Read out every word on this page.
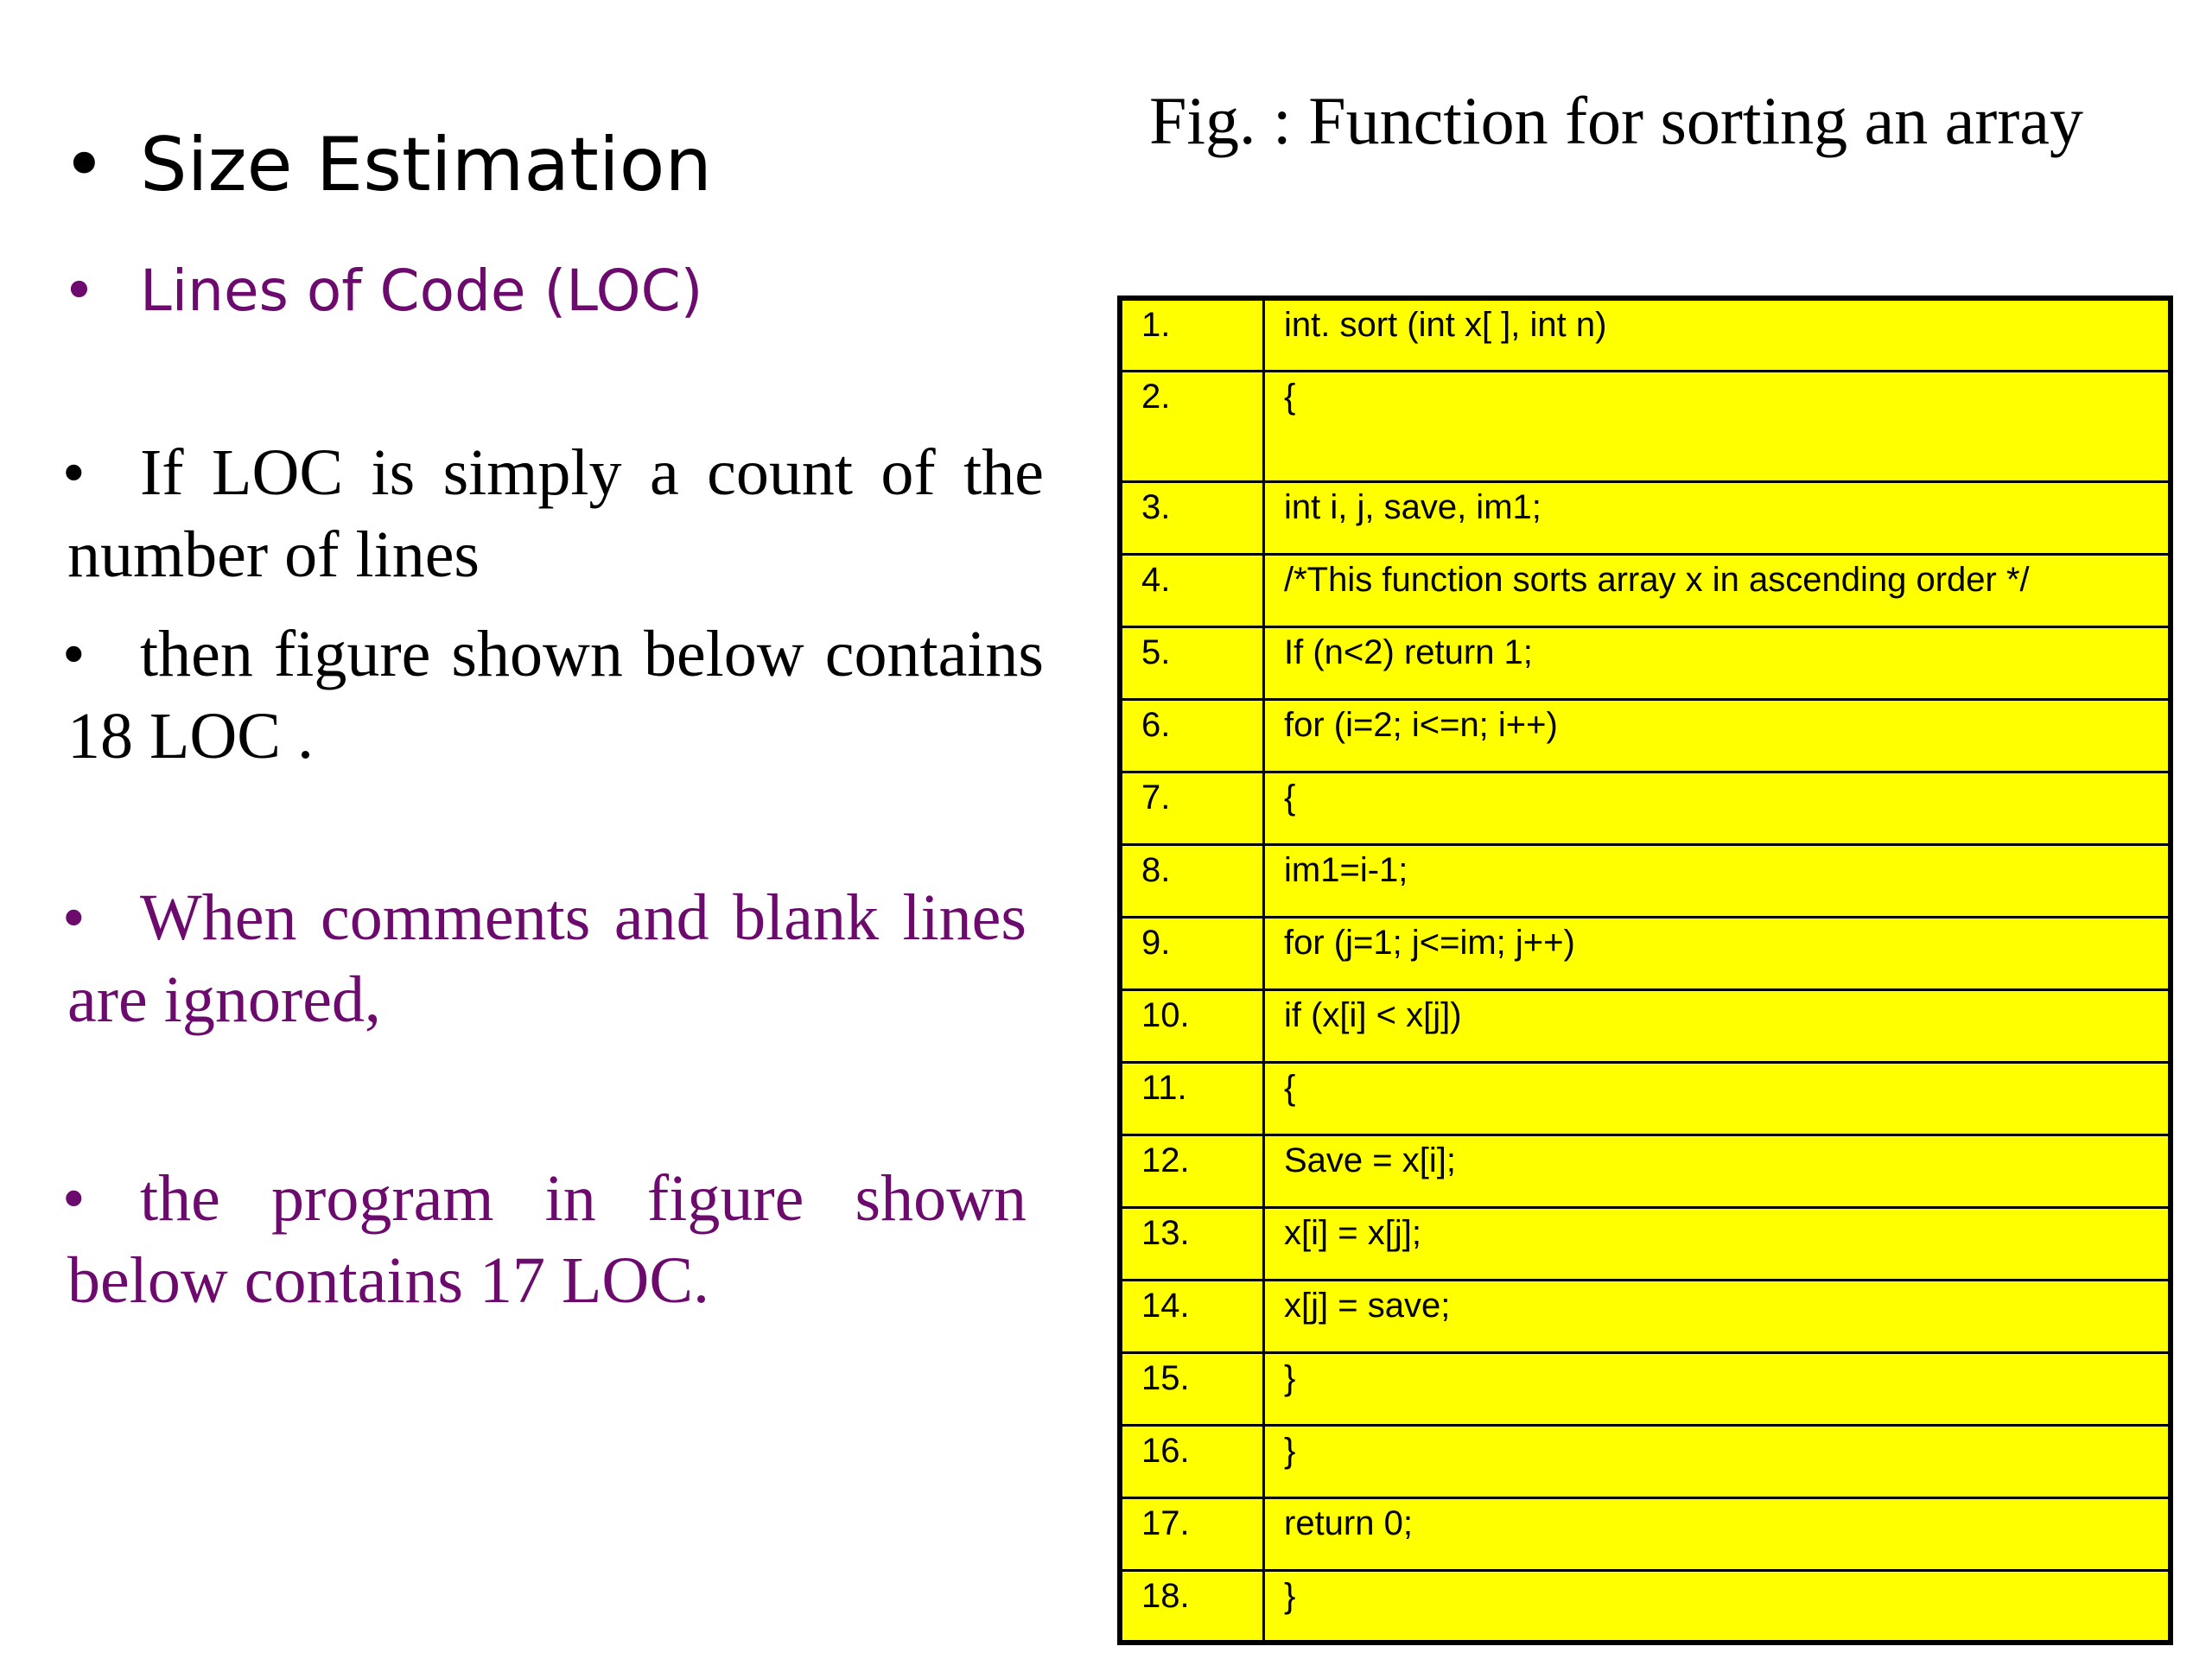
• Size Estimation
• Lines of Code (LOC)
• If LOC is simply a count of the number of lines
• then figure shown below contains 18 LOC .
• When comments and blank lines are ignored,
• the program in figure shown below contains 17 LOC.
Fig. : Function for sorting an array
1.	int. sort (int x[ ], int n)
2.	{
3.	int i, j, save, im1;
4.	/*This function sorts array x in ascending order */
5.	If (n<2) return 1;
6.	for (i=2; i<=n; i++)
7.	{
8.	im1=i-1;
9.	for (j=1; j<=im; j++)
10.	if (x[i] < x[j])
11.	{
12.	Save = x[i];
13.	x[i] = x[j];
14.	x[j] = save;
15.	}
16.	}
17.	return 0;
18.	}
